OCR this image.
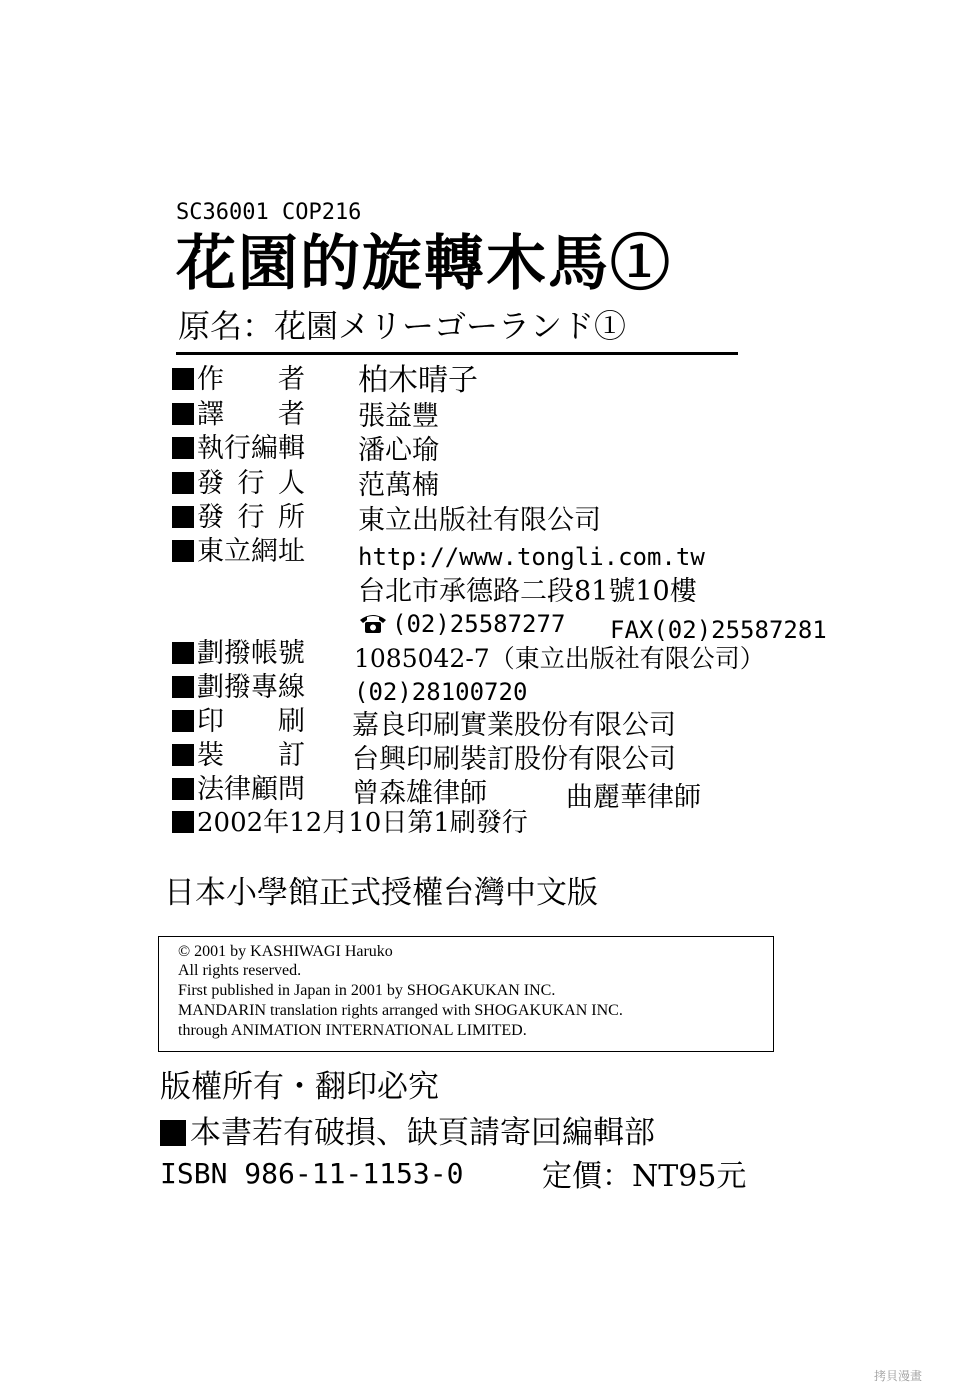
SC36001 COP216
花園的旋轉木馬①
原名：花園メリーゴーランド①
作 者 柏木晴子
譯 者 張益豐
執 行 編 輯 潘心瑜
發 行 人 范萬楠
發 行 所 東立出版社有限公司
東 立 網 址 http://www.tongli.com.tw
台北市承德路二段81號10樓
(02)25587277 FAX(02)25587281
劃 撥 帳 號 1085042-7（東立出版社有限公司）
劃 撥 專 線 (02)28100720
印 刷 嘉良印刷實業股份有限公司
裝 訂 台興印刷裝訂股份有限公司
法 律 顧 問 曾森雄律師	曲麗華律師
2002年12月10日第1刷發行
日本小學館正式授權台灣中文版
© 2001 by KASHIWAGI Haruko
All rights reserved.
First published in Japan in 2001 by SHOGAKUKAN INC.
MANDARIN translation rights arranged with SHOGAKUKAN INC.
through ANIMATION INTERNATIONAL LIMITED.
版權所有・翻印必究
本書若有破損、缺頁請寄回編輯部
ISBN 986-11-1153-0	定價：NT95元
拷貝漫畫
